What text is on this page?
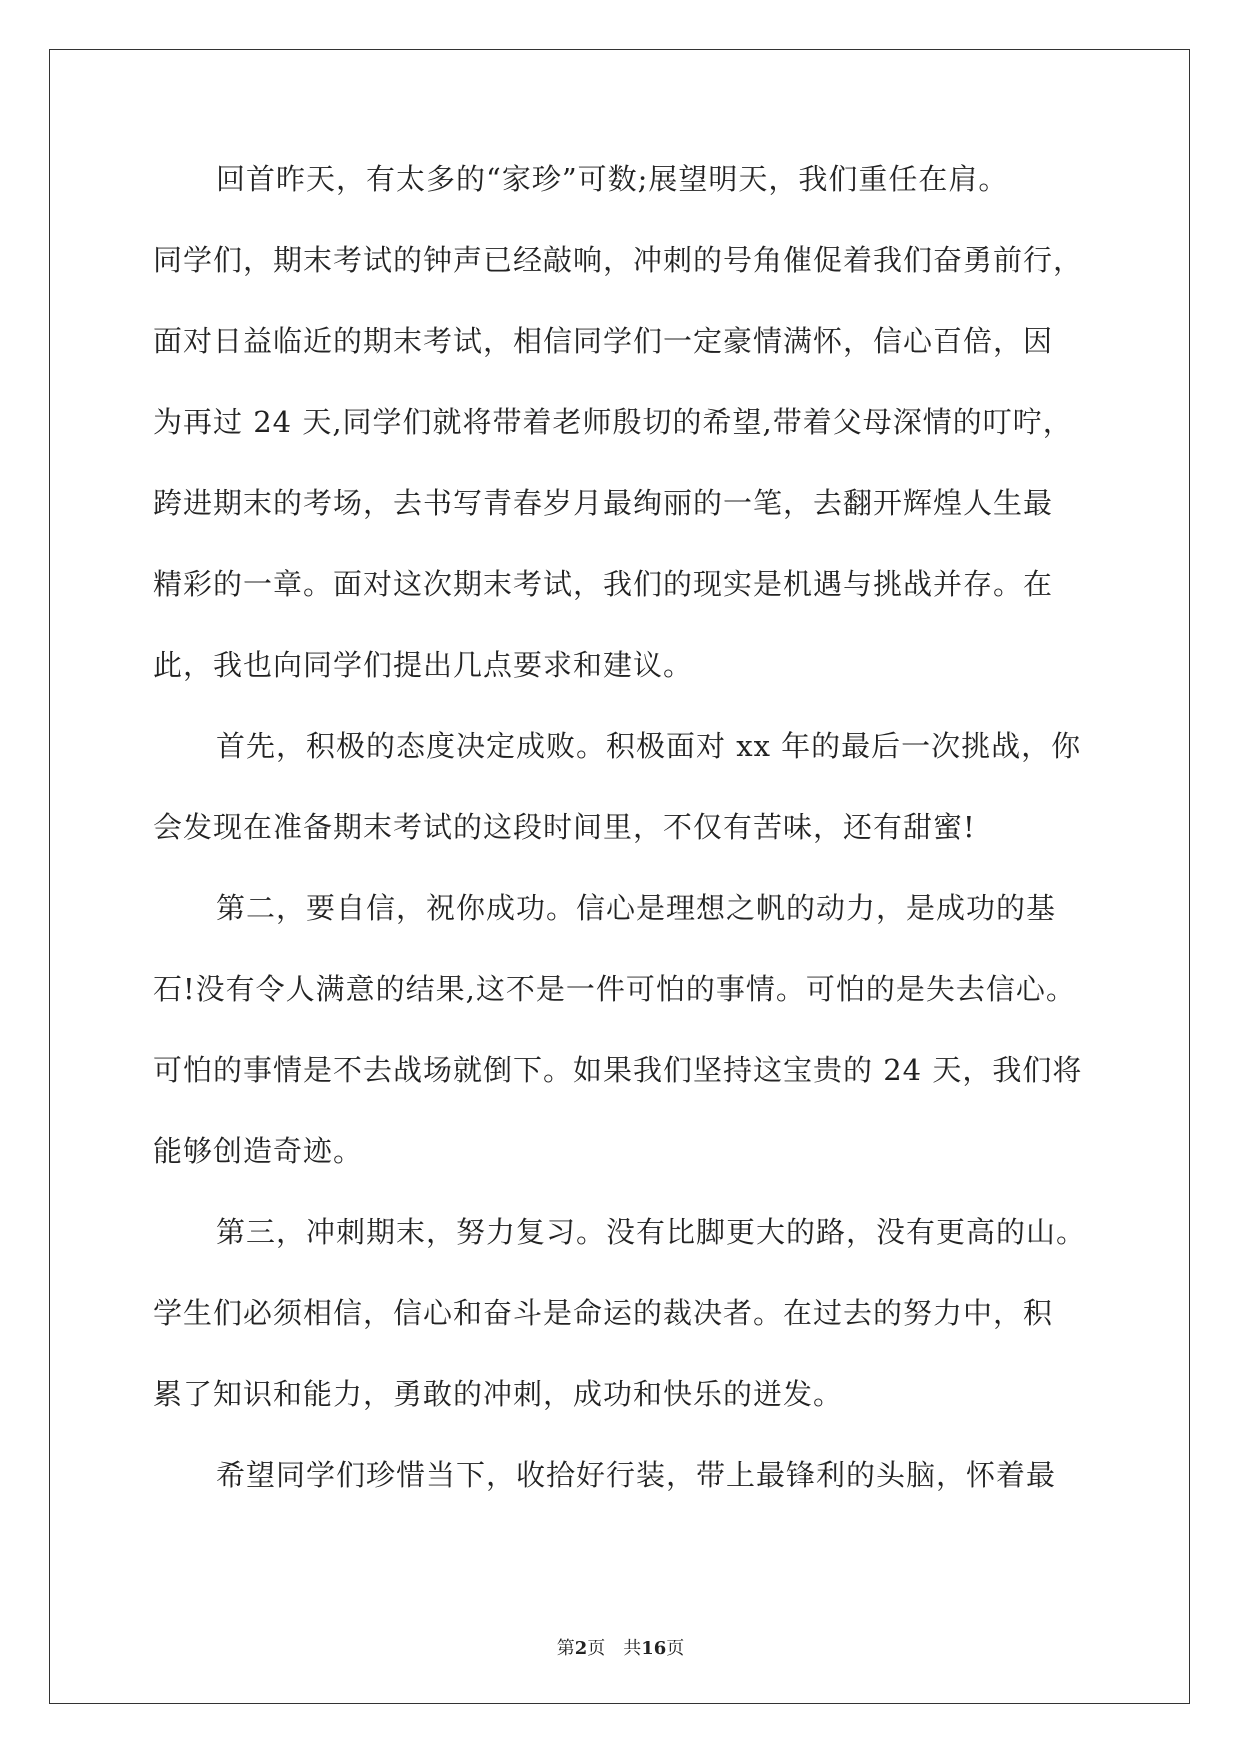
回首昨天，有太多的“家珍”可数;展望明天，我们重任在肩。
同学们，期末考试的钟声已经敲响，冲刺的号角催促着我们奋勇前行，
面对日益临近的期末考试，相信同学们一定豪情满怀，信心百倍，因
为再过 24 天,同学们就将带着老师殷切的希望,带着父母深情的叮咛，
跨进期末的考场，去书写青春岁月最绚丽的一笔，去翻开辉煌人生最
精彩的一章。面对这次期末考试，我们的现实是机遇与挑战并存。在
此，我也向同学们提出几点要求和建议。
首先，积极的态度决定成败。积极面对 xx 年的最后一次挑战，你
会发现在准备期末考试的这段时间里，不仅有苦味，还有甜蜜!
第二，要自信，祝你成功。信心是理想之帆的动力，是成功的基
石!没有令人满意的结果,这不是一件可怕的事情。可怕的是失去信心。
可怕的事情是不去战场就倒下。如果我们坚持这宝贵的 24 天，我们将
能够创造奇迹。
第三，冲刺期末，努力复习。没有比脚更大的路，没有更高的山。
学生们必须相信，信心和奋斗是命运的裁决者。在过去的努力中，积
累了知识和能力，勇敢的冲刺，成功和快乐的迸发。
希望同学们珍惜当下，收拾好行装，带上最锋利的头脑，怀着最
第2页 共16页
